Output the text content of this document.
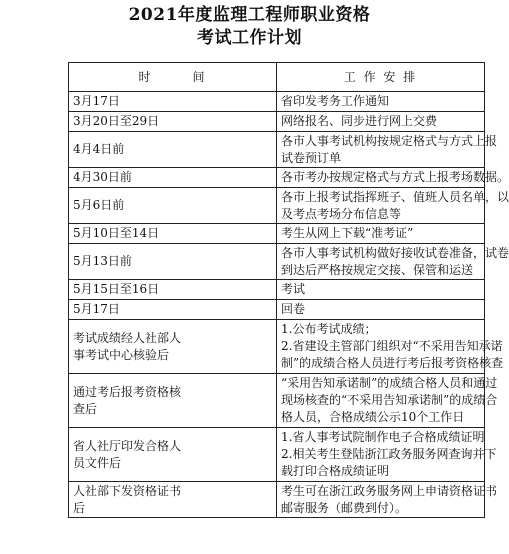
2021年度监理工程师职业资格
考试工作计划
时 间	工 作 安 排

3月17日	省印发考务工作通知

3月20日至29日	网络报名、同步进行网上交费

4月4日前	各市人事考试机构按规定格式与方式上报
试卷预订单

4月30日前	各市考办按规定格式与方式上报考场数据。

5月6日前	各市上报考试指挥班子、值班人员名单，以
及考点考场分布信息等

5月10日至14日	考生从网上下载“准考证”

5月13日前	各市人事考试机构做好接收试卷准备，试卷
到达后严格按规定交接、保管和运送

5月15日至16日	考试

5月17日	回卷

考试成绩经人社部人
事考试中心核验后	1.公布考试成绩；
2.省建设主管部门组织对“不采用告知承诺
制”的成绩合格人员进行考后报考资格核查

通过考后报考资格核
查后	“采用告知承诺制”的成绩合格人员和通过
现场核查的“不采用告知承诺制”的成绩合
格人员，合格成绩公示10个工作日

省人社厅印发合格人
员文件后	1.省人事考试院制作电子合格成绩证明
2.相关考生登陆浙江政务服务网查询并下
载打印合格成绩证明

人社部下发资格证书
后	考生可在浙江政务服务网上申请资格证书
邮寄服务（邮费到付）。
